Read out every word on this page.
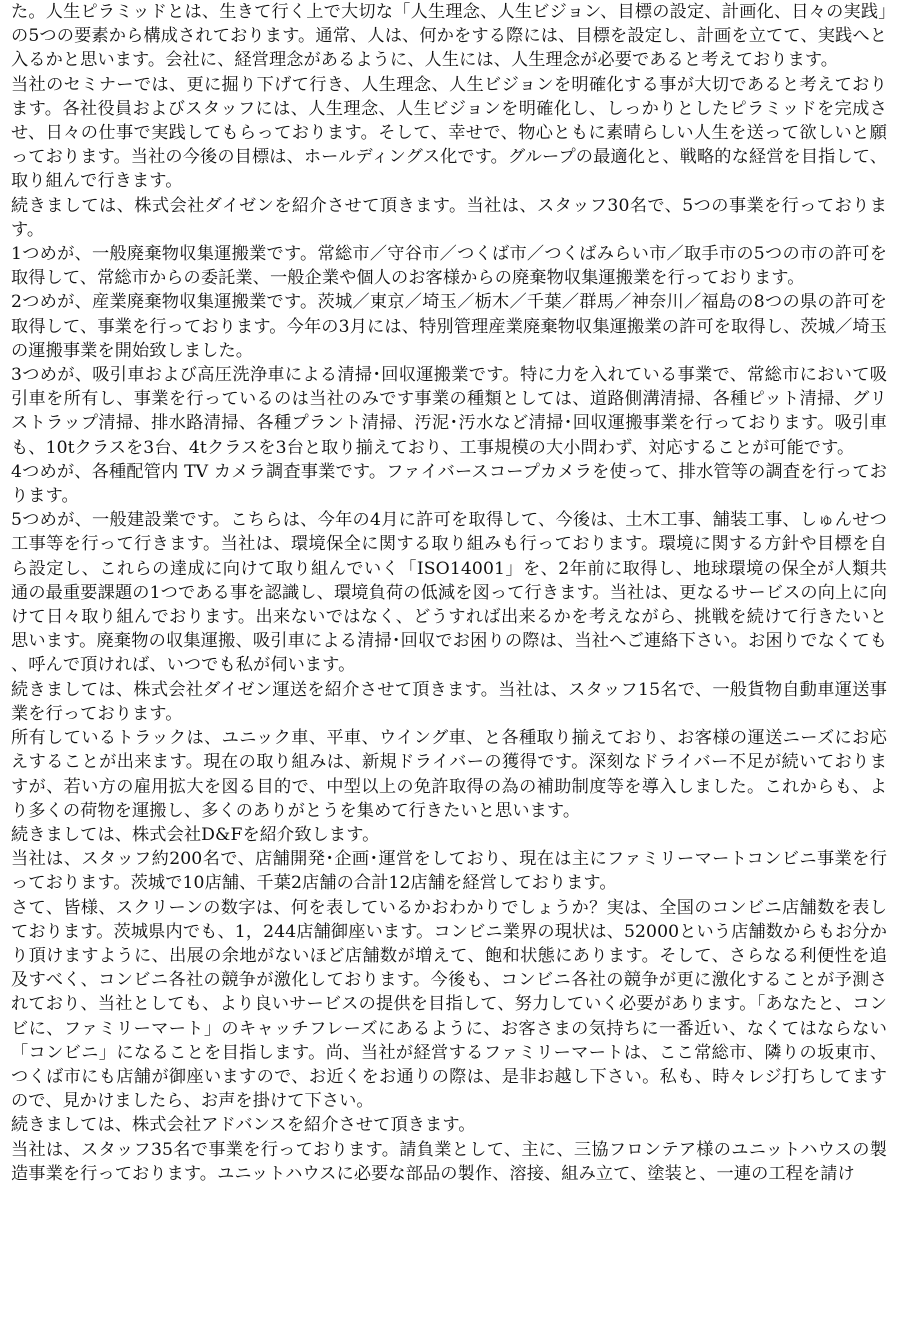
た。人生ピラミッドとは、生きて行く上で大切な「人生理念、人生ビジョン、目標の設定、計画化、日々の実践」の5つの要素から構成されております。通常、人は、何かをする際には、目標を設定し、計画を立てて、実践へと入るかと思います。会社に、経営理念があるように、人生には、人生理念が必要であると考えております。

当社のセミナーでは、更に掘り下げて行き、人生理念、人生ビジョンを明確化する事が大切であると考えております。各社役員およびスタッフには、人生理念、人生ビジョンを明確化し、しっかりとしたピラミッドを完成させ、日々の仕事で実践してもらっております。そして、幸せで、物心ともに素晴らしい人生を送って欲しいと願っております。当社の今後の目標は、ホールディングス化です。グループの最適化と、戦略的な経営を目指して、取り組んで行きます。

続きましては、株式会社ダイゼンを紹介させて頂きます。当社は、スタッフ30名で、5つの事業を行っております。

1つめが、一般廃棄物収集運搬業です。常総市／守谷市／つくば市／つくばみらい市／取手市の5つの市の許可を取得して、常総市からの委託業、一般企業や個人のお客様からの廃棄物収集運搬業を行っております。

2つめが、産業廃棄物収集運搬業です。茨城／東京／埼玉／栃木／千葉／群馬／神奈川／福島の8つの県の許可を取得して、事業を行っております。今年の3月には、特別管理産業廃棄物収集運搬業の許可を取得し、茨城／埼玉の運搬事業を開始致しました。

3つめが、吸引車および高圧洗浄車による清掃･回収運搬業です。特に力を入れている事業で、常総市において吸引車を所有し、事業を行っているのは当社のみです事業の種類としては、道路側溝清掃、各種ピット清掃、グリストラップ清掃、排水路清掃、各種プラント清掃、汚泥･汚水など清掃･回収運搬事業を行っております。吸引車も、10tクラスを3台、4tクラスを3台と取り揃えており、工事規模の大小問わず、対応することが可能です。

4つめが、各種配管内 TV カメラ調査事業です。ファイバースコープカメラを使って、排水管等の調査を行っております。

5つめが、一般建設業です。こちらは、今年の4月に許可を取得して、今後は、土木工事、舗装工事、しゅんせつ工事等を行って行きます。当社は、環境保全に関する取り組みも行っております。環境に関する方針や目標を自ら設定し、これらの達成に向けて取り組んでいく「ISO14001」を、2年前に取得し、地球環境の保全が人類共通の最重要課題の1つである事を認識し、環境負荷の低減を図って行きます。当社は、更なるサービスの向上に向けて日々取り組んでおります。出来ないではなく、どうすれば出来るかを考えながら、挑戦を続けて行きたいと思います。廃棄物の収集運搬、吸引車による清掃･回収でお困りの際は、当社へご連絡下さい。お困りでなくても、呼んで頂ければ、いつでも私が伺います。

続きましては、株式会社ダイゼン運送を紹介させて頂きます。当社は、スタッフ15名で、一般貨物自動車運送事業を行っております。

所有しているトラックは、ユニック車、平車、ウイング車、と各種取り揃えており、お客様の運送ニーズにお応えすることが出来ます。現在の取り組みは、新規ドライバーの獲得です。深刻なドライバー不足が続いておりますが、若い方の雇用拡大を図る目的で、中型以上の免許取得の為の補助制度等を導入しました。これからも、より多くの荷物を運搬し、多くのありがとうを集めて行きたいと思います。

続きましては、株式会社D&Fを紹介致します。

当社は、スタッフ約200名で、店舗開発･企画･運営をしており、現在は主にファミリーマートコンビニ事業を行っております。茨城で10店舗、千葉2店舗の合計12店舗を経営しております。

さて、皆様、スクリーンの数字は、何を表しているかおわかりでしょうか？実は、全国のコンビニ店舗数を表しております。茨城県内でも、1，244店舗御座います。コンビニ業界の現状は、52000という店舗数からもお分かり頂けますように、出展の余地がないほど店舗数が増えて、飽和状態にあります。そして、さらなる利便性を追及すべく、コンビニ各社の競争が激化しております。今後も、コンビニ各社の競争が更に激化することが予測されており、当社としても、より良いサービスの提供を目指して、努力していく必要があります。「あなたと、コンビに、ファミリーマート」のキャッチフレーズにあるように、お客さまの気持ちに一番近い、なくてはならない「コンビニ」になることを目指します。尚、当社が経営するファミリーマートは、ここ常総市、隣りの坂東市、つくば市にも店舗が御座いますので、お近くをお通りの際は、是非お越し下さい。私も、時々レジ打ちしてますので、見かけましたら、お声を掛けて下さい。

続きましては、株式会社アドバンスを紹介させて頂きます。

当社は、スタッフ35名で事業を行っております。請負業として、主に、三協フロンテア様のユニットハウスの製造事業を行っております。ユニットハウスに必要な部品の製作、溶接、組み立て、塗装と、一連の工程を請け
